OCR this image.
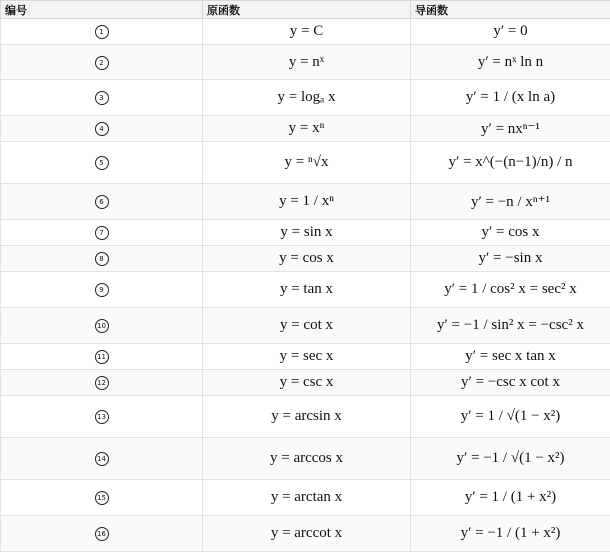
编号	原函数	导函数
1	y = C	y′ = 0
2	y = nˣ	y′ = nˣ ln n
3	y = logₐ x	y′ = 1 / (x ln a)
4	y = xⁿ	y′ = nxⁿ⁻¹
5	y = ⁿ√x	y′ = x^(−(n−1)/n) / n
6	y = 1 / xⁿ	y′ = −n / xⁿ⁺¹
7	y = sin x	y′ = cos x
8	y = cos x	y′ = −sin x
9	y = tan x	y′ = 1 / cos² x = sec² x
10	y = cot x	y′ = −1 / sin² x = −csc² x
11	y = sec x	y′ = sec x tan x
12	y = csc x	y′ = −csc x cot x
13	y = arcsin x	y′ = 1 / √(1 − x²)
14	y = arccos x	y′ = −1 / √(1 − x²)
15	y = arctan x	y′ = 1 / (1 + x²)
16	y = arccot x	y′ = −1 / (1 + x²)
